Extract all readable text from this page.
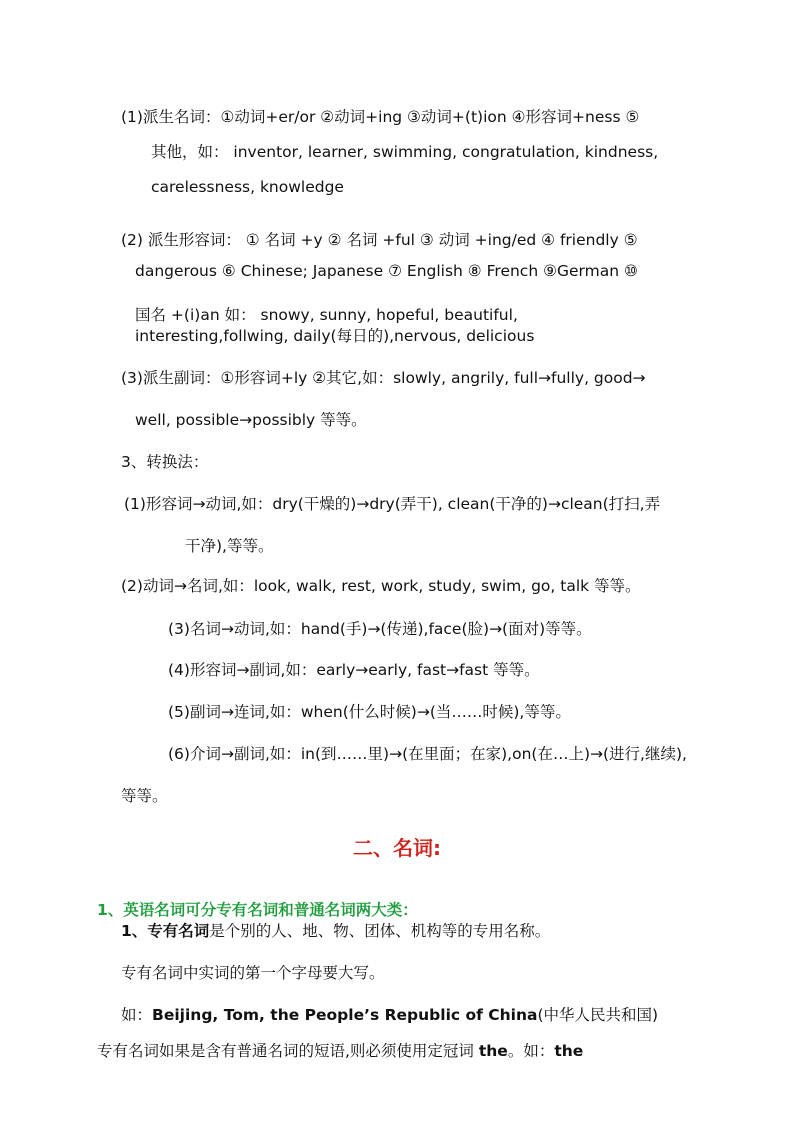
(1)派生名词：①动词+er/or ②动词+ing ③动词+(t)ion ④形容词+ness ⑤
其他，如： inventor, learner, swimming, congratulation, kindness,
carelessness, knowledge
(2) 派生形容词： ① 名词 +y ② 名词 +ful ③ 动词 +ing/ed ④ friendly ⑤
dangerous ⑥ Chinese; Japanese ⑦ English ⑧ French ⑨German ⑩
国名 +(i)an 如： snowy, sunny, hopeful, beautiful,
interesting,follwing, daily(每日的),nervous, delicious
(3)派生副词：①形容词+ly ②其它,如：slowly, angrily, full→fully, good→
well, possible→possibly 等等。
3、转换法：
(1)形容词→动词,如：dry(干燥的)→dry(弄干), clean(干净的)→clean(打扫,弄
干净),等等。
(2)动词→名词,如：look, walk, rest, work, study, swim, go, talk 等等。
(3)名词→动词,如：hand(手)→(传递),face(脸)→(面对)等等。
(4)形容词→副词,如：early→early, fast→fast 等等。
(5)副词→连词,如：when(什么时候)→(当……时候),等等。
(6)介词→副词,如：in(到……里)→(在里面；在家),on(在…上)→(进行,继续),
等等。
二、名词:
1、英语名词可分专有名词和普通名词两大类：
1、专有名词是个别的人、地、物、团体、机构等的专用名称。
专有名词中实词的第一个字母要大写。
如：Beijing, Tom, the People’s Republic of China(中华人民共和国)
专有名词如果是含有普通名词的短语,则必须使用定冠词 the。如：the
